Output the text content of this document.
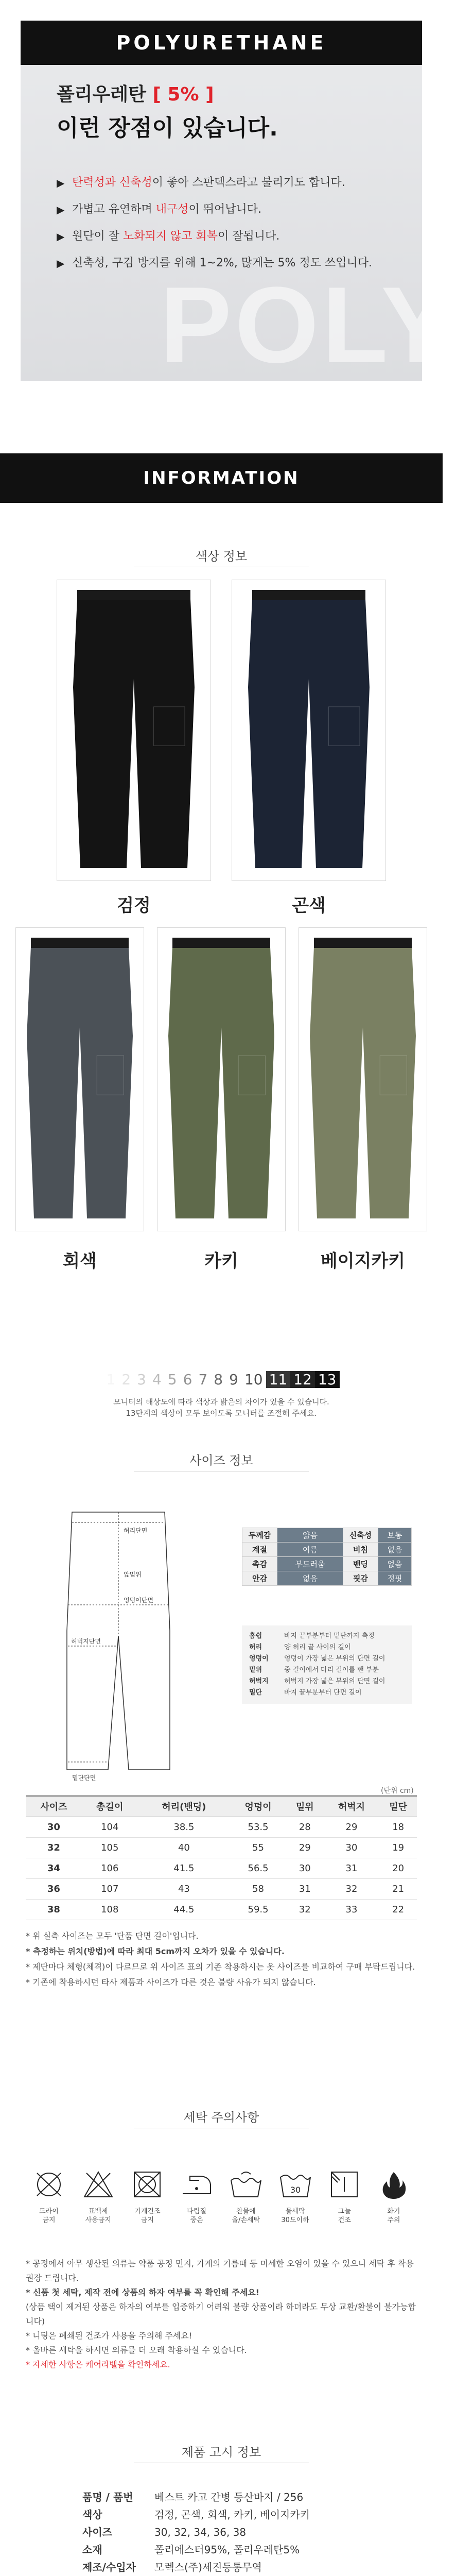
POLYURETHANE
POLY
폴리우레탄 [ 5% ]
이런 장점이 있습니다.
▶ 탄력성과 신축성이 좋아 스판덱스라고 불리기도 합니다.
▶ 가볍고 유연하며 내구성이 뛰어납니다.
▶ 원단이 잘 노화되지 않고 회복이 잘됩니다.
▶ 신축성, 구김 방지를 위해 1~2%, 많게는 5% 정도 쓰입니다.
INFORMATION
색상 정보
검정	곤색
회색	카키	베이지카키
1 2 3 4 5 6 7 8 9 10 11 12 13
모니터의 해상도에 따라 색상과 밝은의 차이가 있을 수 있습니다.
13단계의 색상이 모두 보이도록 모니터를 조절해 주세요.
사이즈 정보
허리단면
앞밑위
엉덩이단면
허벅지단면
밑단단면
두께감	얇음	신축성	보통
계절	여름	비침	없음
촉감	부드러움	밴딩	없음
안감	없음	핏감	정핏
홈쉽	바지 끝부분부터 밑단까지 측정
허리	양 허리 끝 사이의 길이
엉덩이	엉덩이 가장 넓은 부위의 단면 길이
밑위	중 길이에서 다리 길이를 뺀 부분
허벅지	허벅지 가장 넓은 부위의 단면 길이
밑단	바지 끝부분부터 단면 길이
(단위 cm)
사이즈	총길이	허리(밴딩)	엉덩이	밑위	허벅지	밑단
30	104	38.5	53.5	28	29	18
32	105	40	55	29	30	19
34	106	41.5	56.5	30	31	20
36	107	43	58	31	32	21
38	108	44.5	59.5	32	33	22

* 위 실측 사이즈는 모두 '단품 단면 길이'입니다.

* 측정하는 위치(방법)에 따라 최대 5cm까지 오차가 있을 수 있습니다.

* 제단마다 체형(체격)이 다르므로 위 사이즈 표의 기존 착용하시는 옷 사이즈를 비교하여 구매 부탁드립니다.

* 기존에 착용하시던 타사 제품과 사이즈가 다른 것은 불량 사유가 되지 않습니다.

세탁 주의사항
드라이
금지
표백제
사용금지
기계건조
금지
다림질
중온
찬물에
울/손세탁
30
물세탁
30도이하
그늘
건조
화기
주의

* 공정에서 아무 생산된 의류는 약품 공정 먼지, 가계의 기름때 등 미세한 오염이 있을 수 있으니 세탁 후 착용 권장 드립니다.

* 신품 첫 세탁, 제작 전에 상품의 하자 여부를 꼭 확인해 주세요!

(상품 택이 제거된 상품은 하자의 여부를 입증하기 어려워 불량 상품이라 하더라도 무상 교환/환불이 불가능합니다)

* 니팅은 폐쇄된 건조가 사용을 주의해 주세요!

* 올바른 세탁을 하시면 의류를 더 오래 착용하실 수 있습니다.

* 자세한 사항은 케어라벨을 확인하세요.

제품 고시 정보
품명 / 품번	베스트 카고 간병 등산바지 / 256
색상	검정, 곤색, 회색, 카키, 베이지카키
사이즈	30, 32, 34, 36, 38
소재	폴리에스터95%, 폴리우레탄5%
제조/수입자	모렉스(주)세진등통무역
